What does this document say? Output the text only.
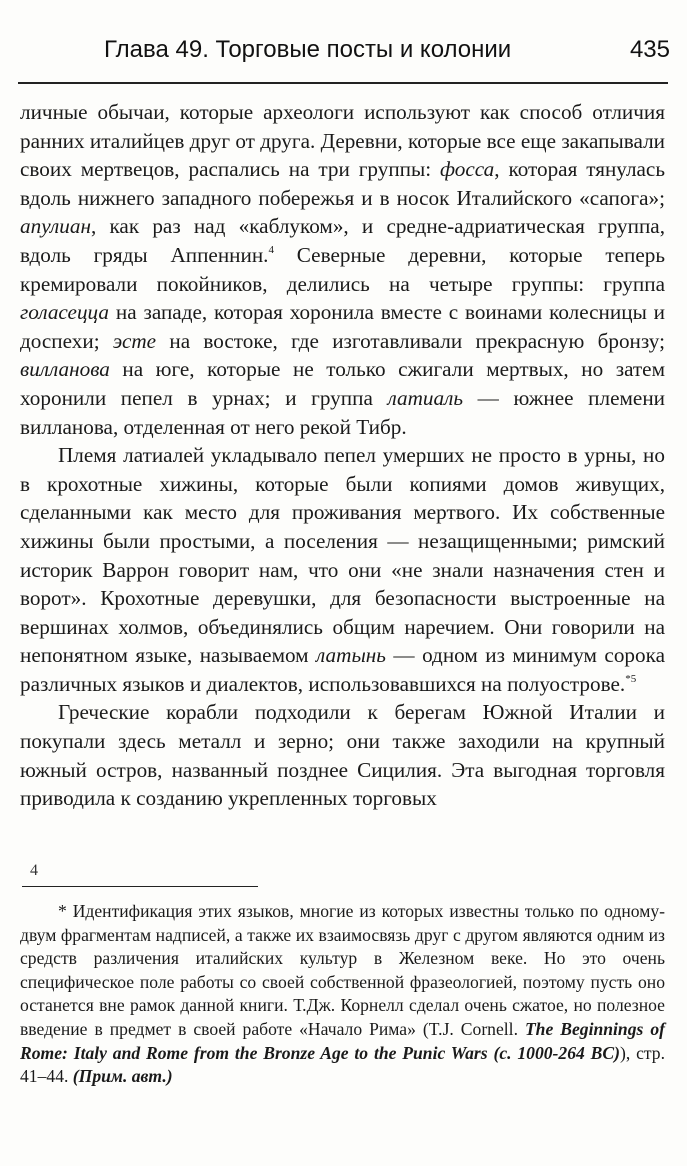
Глава 49. Торговые посты и колонии	435

личные обычаи, которые археологи используют как способ отличия ранних италийцев друг от друга. Деревни, которые все еще закапывали своих мертвецов, распались на три группы: фосса, которая тянулась вдоль нижнего западного побережья и в носок Италийского «сапога»; апулиан, как раз над «каблуком», и средне-адриатическая группа, вдоль гряды Аппеннин.$^4$ Северные деревни, которые теперь кремировали покойников, делились на четыре группы: группа голасецца на западе, которая хоронила вместе с воинами колесницы и доспехи; эсте на востоке, где изготавливали прекрасную бронзу; вилланова на юге, которые не только сжигали мертвых, но затем хоронили пепел в урнах; и группа латиаль — южнее племени вилланова, отделенная от него рекой Тибр.

Племя латиалей укладывало пепел умерших не просто в урны, но в крохотные хижины, которые были копиями домов живущих, сделанными как место для проживания мертвого. Их собственные хижины были простыми, а поселения — незащищенными; римский историк Варрон говорит нам, что они «не знали назначения стен и ворот». Крохотные деревушки, для безопасности выстроенные на вершинах холмов, объединялись общим наречием. Они говорили на непонятном языке, называемом латынь — одном из минимум сорока различных языков и диалектов, использовавшихся на полуострове.$^{*5}$

Греческие корабли подходили к берегам Южной Италии и покупали здесь металл и зерно; они также заходили на крупный южный остров, названный позднее Сицилия. Эта выгодная торговля приводила к созданию укрепленных торговых

4

* Идентификация этих языков, многие из которых известны только по одному-двум фрагментам надписей, а также их взаимосвязь друг с другом являются одним из средств различения италийских культур в Железном веке. Но это очень специфическое поле работы со своей собственной фразеологией, поэтому пусть оно останется вне рамок данной книги. Т.Дж. Корнелл сделал очень сжатое, но полезное введение в предмет в своей работе «Начало Рима» (T.J. Cornell. The Beginnings of Rome: Italy and Rome from the Bronze Age to the Punic Wars (c. 1000-264 BC)), стр. 41–44. (Прим. авт.)
